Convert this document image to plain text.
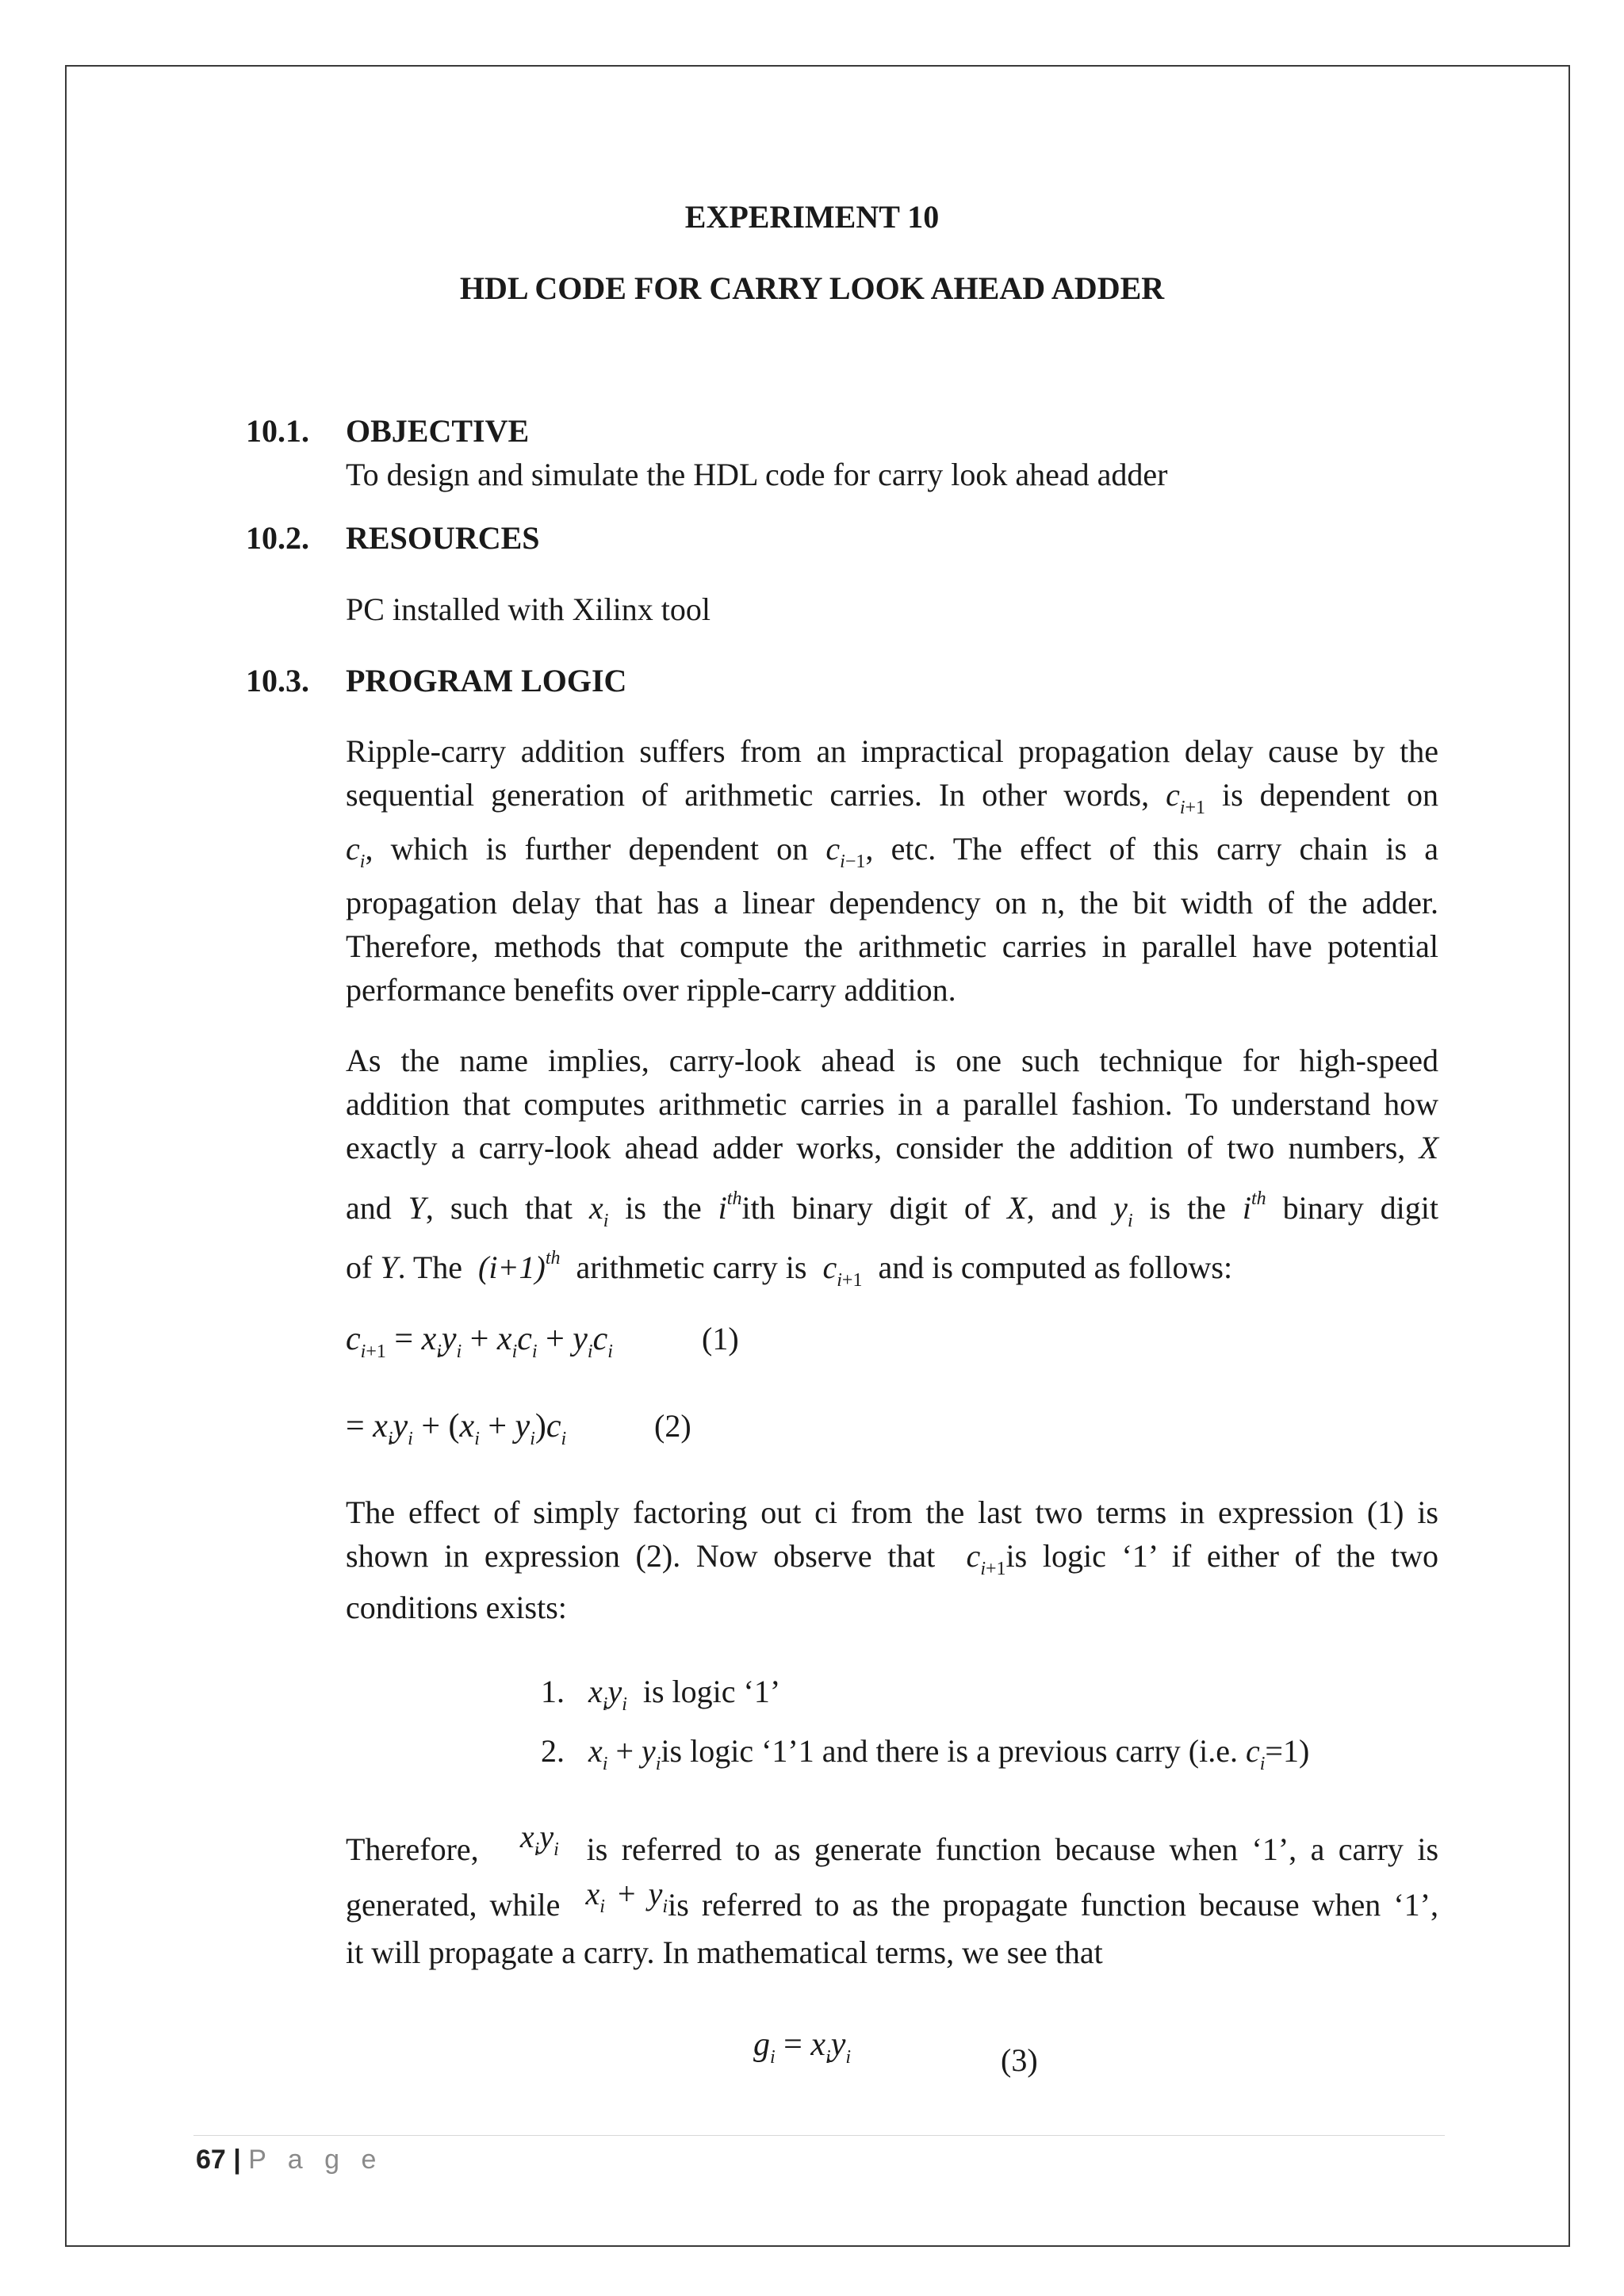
EXPERIMENT 10
HDL CODE FOR CARRY LOOK AHEAD ADDER
10.1. OBJECTIVE
To design and simulate the HDL code for carry look ahead adder
10.2. RESOURCES
PC installed with Xilinx tool
10.3. PROGRAM LOGIC
Ripple-carry addition suffers from an impractical propagation delay cause by the
sequential generation of arithmetic carries. In other words, $c_{i+1}$ is dependent on
$c_i$, which is further dependent on $c_{i-1}$, etc. The effect of this carry chain is a
propagation delay that has a linear dependency on n, the bit width of the adder.
Therefore, methods that compute the arithmetic carries in parallel have potential
performance benefits over ripple-carry addition.
As the name implies, carry-look ahead is one such technique for high-speed
addition that computes arithmetic carries in a parallel fashion. To understand how
exactly a carry-look ahead adder works, consider the addition of two numbers, X
and Y, such that $x_i$ is the $i^{th}ith$ binary digit of X, and $y_i$ is the $i^{th}$ binary digit
of Y. The $(i+1)^{th}$ arithmetic carry is $c_{i+1}$ and is computed as follows:
$c_{i+1} = x_iy_i + x_ic_i + y_ic_i$	(1)
= $x_iy_i + (x_i + y_i)c_i$	(2)
The effect of simply factoring out ci from the last two terms in expression (1) is
shown in expression (2). Now observe that $c_{i+1}is$ logic ‘1’ if either of the two
conditions exists:
1. $x_iy_i$ is logic ‘1’
2. $x_i + y_iis$ logic ‘1’1 and there is a previous carry (i.e. $c_i=1$)
Therefore, $x_iy_i$ is referred to as generate function because when ‘1’, a carry is
generated, while $x_i + y_iis$ referred to as the propagate function because when ‘1’,
it will propagate a carry. In mathematical terms, we see that
$g_i = x_iy_i$	(3)
67 | P a g e
